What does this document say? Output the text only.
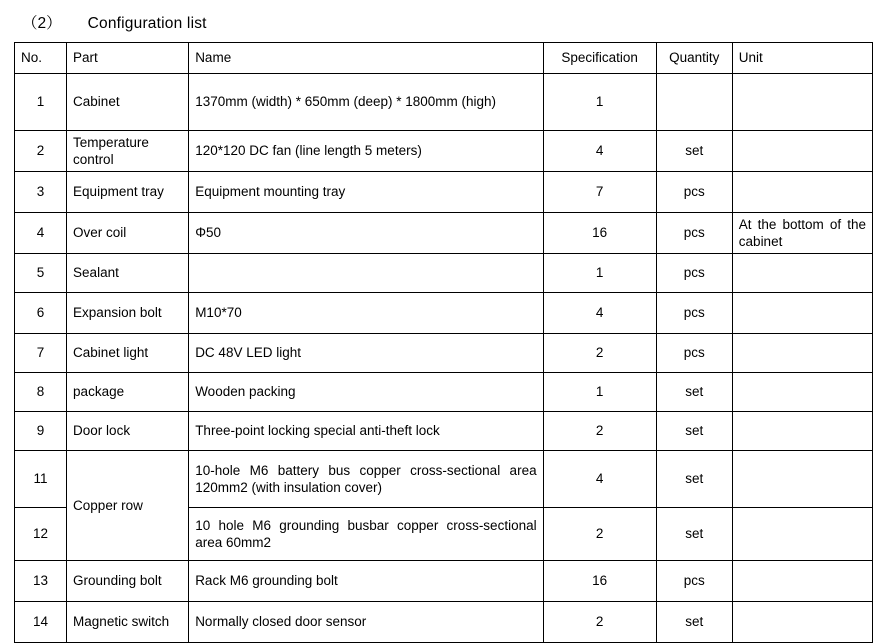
（2） Configuration list
No.	Part	Name	Specification	Quantity	Unit
1	Cabinet	1370mm (width) * 650mm (deep) * 1800mm (high)	1		
2	Temperature control	120*120 DC fan (line length 5 meters)	4	set	
3	Equipment tray	Equipment mounting tray	7	pcs	
4	Over coil	Φ50	16	pcs	At the bottom of the cabinet
5	Sealant		1	pcs	
6	Expansion bolt	M10*70	4	pcs	
7	Cabinet light	DC 48V LED light	2	pcs	
8	package	Wooden packing	1	set	
9	Door lock	Three-point locking special anti-theft lock	2	set	
11	Copper row	10-hole M6 battery bus copper cross-sectional area 120mm2 (with insulation cover)	4	set	
12		10 hole M6 grounding busbar copper cross-sectional area 60mm2	2	set	
13	Grounding bolt	Rack M6 grounding bolt	16	pcs	
14	Magnetic switch	Normally closed door sensor	2	set	
